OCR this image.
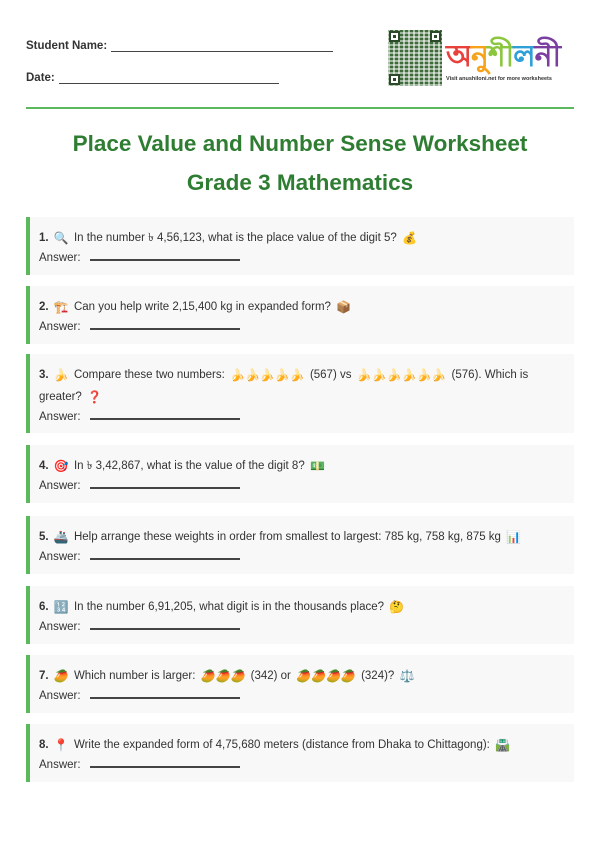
Student Name:
Date:
অ নু শী ল নী
Visit anushiloni.net for more worksheets
Place Value and Number Sense Worksheet
Grade 3 Mathematics
1. 🔍 In the number ৳ 4,56,123, what is the place value of the digit 5? 💰
Answer:
2. 🏗️ Can you help write 2,15,400 kg in expanded form? 📦
Answer:
3. 🍌 Compare these two numbers: 🍌🍌🍌🍌🍌 (567) vs 🍌🍌🍌🍌🍌🍌 (576). Which is greater? ❓
Answer:
4. 🎯 In ৳ 3,42,867, what is the value of the digit 8? 💵
Answer:
5. 🚢 Help arrange these weights in order from smallest to largest: 785 kg, 758 kg, 875 kg 📊
Answer:
6. 🔢 In the number 6,91,205, what digit is in the thousands place? 🤔
Answer:
7. 🥭 Which number is larger: 🥭🥭🥭 (342) or 🥭🥭🥭🥭 (324)? ⚖️
Answer:
8. 📍 Write the expanded form of 4,75,680 meters (distance from Dhaka to Chittagong): 🛣️
Answer:
